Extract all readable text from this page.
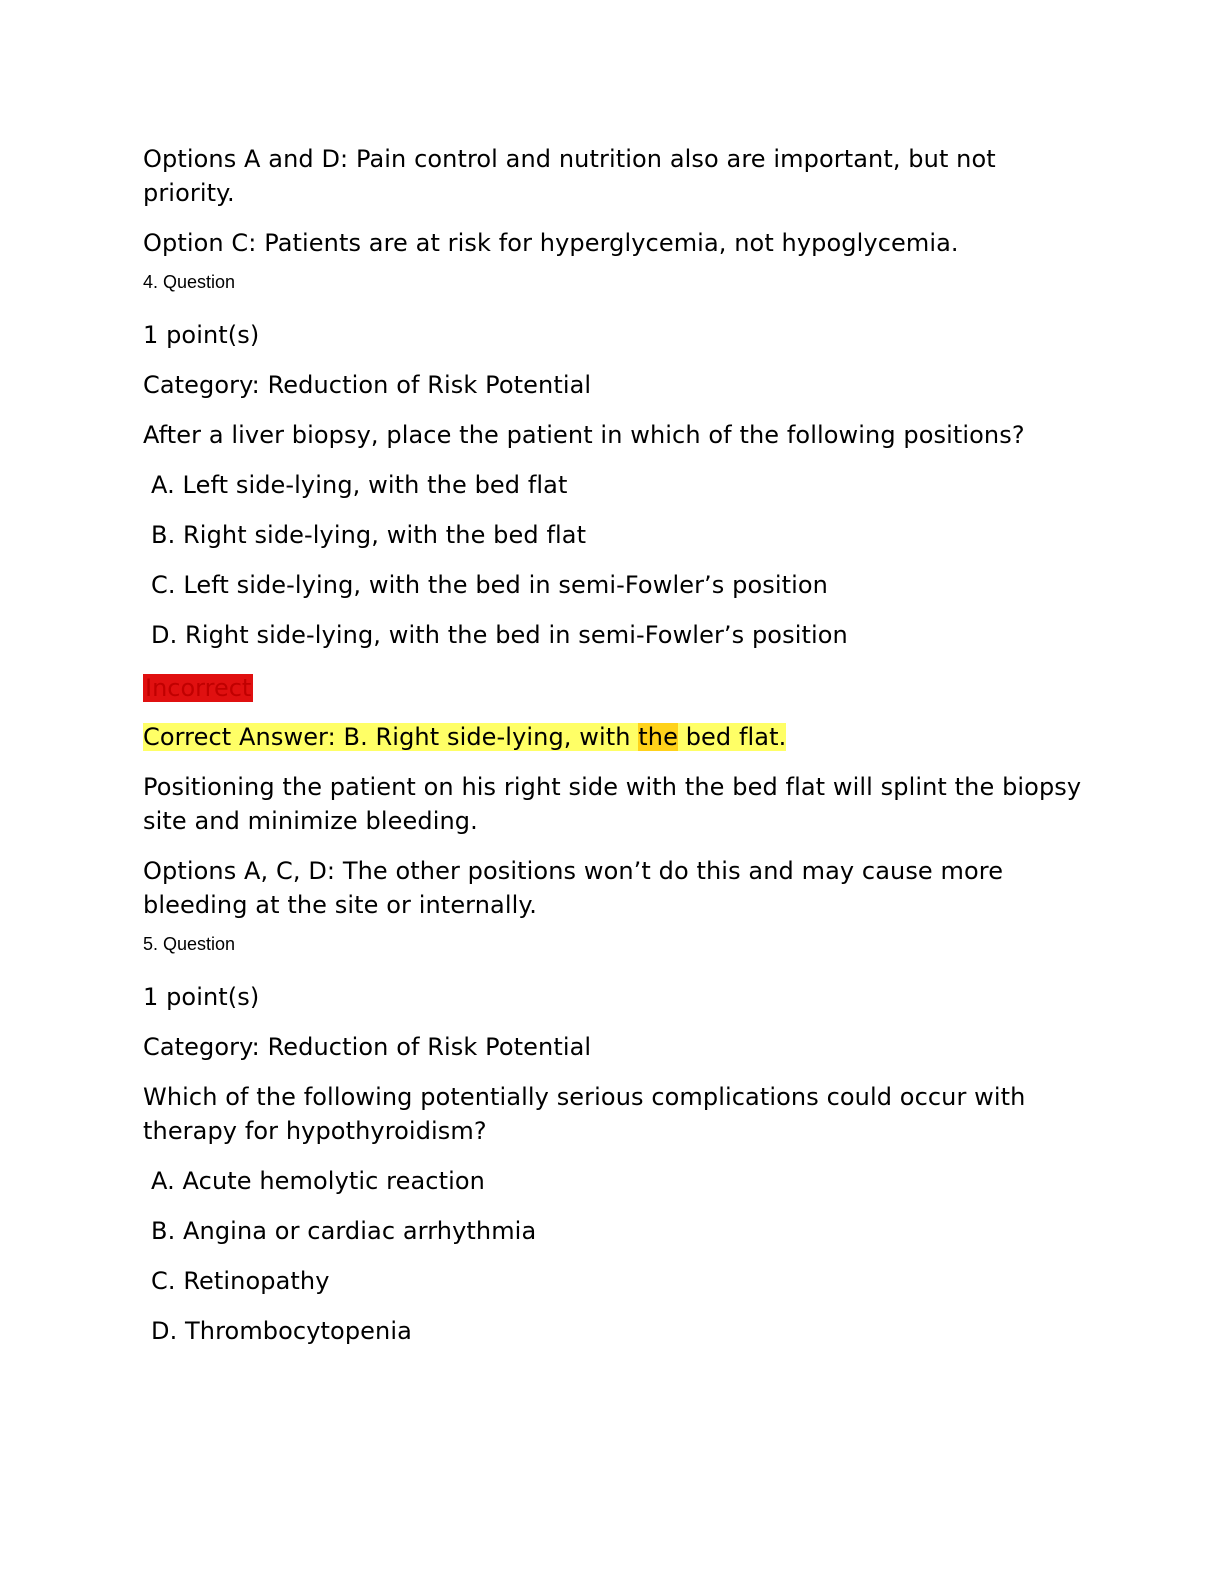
Options A and D: Pain control and nutrition also are important, but not priority.

Option C: Patients are at risk for hyperglycemia, not hypoglycemia.

4. Question

1 point(s)

Category: Reduction of Risk Potential

After a liver biopsy, place the patient in which of the following positions?

A. Left side-lying, with the bed flat

B. Right side-lying, with the bed flat

C. Left side-lying, with the bed in semi-Fowler’s position

D. Right side-lying, with the bed in semi-Fowler’s position

Incorrect

Correct Answer: B. Right side-lying, with the bed flat.

Positioning the patient on his right side with the bed flat will splint the biopsy site and minimize bleeding.

Options A, C, D: The other positions won’t do this and may cause more bleeding at the site or internally.

5. Question

1 point(s)

Category: Reduction of Risk Potential

Which of the following potentially serious complications could occur with therapy for hypothyroidism?

A. Acute hemolytic reaction

B. Angina or cardiac arrhythmia

C. Retinopathy

D. Thrombocytopenia
